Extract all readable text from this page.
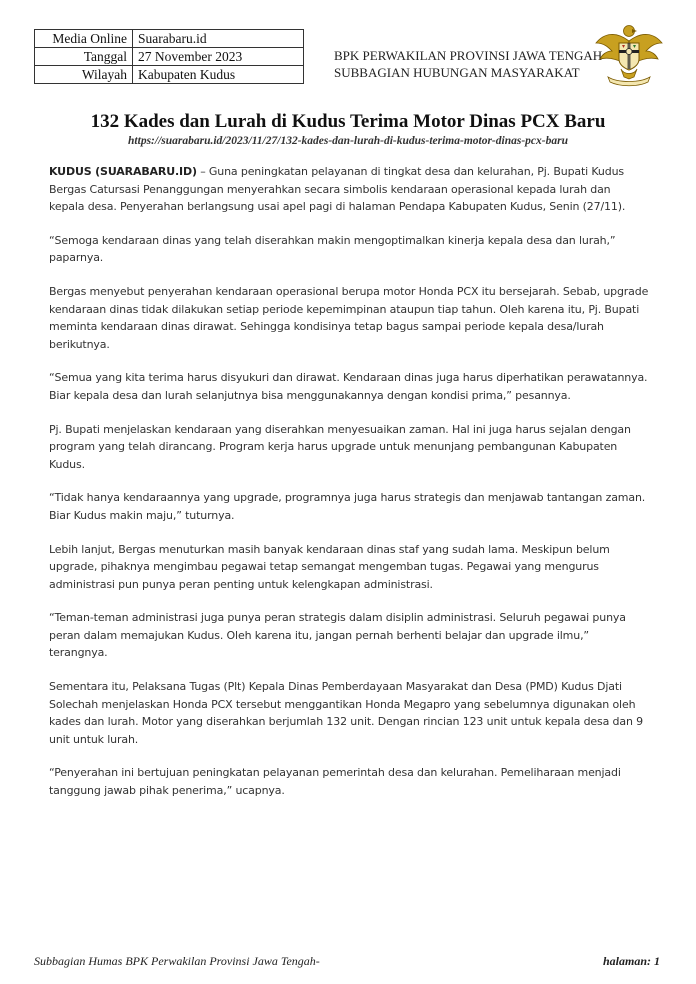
Media Online	Suarabaru.id
Tanggal	27 November 2023
Wilayah	Kabupaten Kudus
BPK PERWAKILAN PROVINSI JAWA TENGAH
SUBBAGIAN HUBUNGAN MASYARAKAT
132 Kades dan Lurah di Kudus Terima Motor Dinas PCX Baru
https://suarabaru.id/2023/11/27/132-kades-dan-lurah-di-kudus-terima-motor-dinas-pcx-baru

KUDUS (SUARABARU.ID) – Guna peningkatan pelayanan di tingkat desa dan kelurahan, Pj. Bupati Kudus Bergas Catursasi Penanggungan menyerahkan secara simbolis kendaraan operasional kepada lurah dan kepala desa. Penyerahan berlangsung usai apel pagi di halaman Pendapa Kabupaten Kudus, Senin (27/11).

“Semoga kendaraan dinas yang telah diserahkan makin mengoptimalkan kinerja kepala desa dan lurah,” paparnya.

Bergas menyebut penyerahan kendaraan operasional berupa motor Honda PCX itu bersejarah. Sebab, upgrade kendaraan dinas tidak dilakukan setiap periode kepemimpinan ataupun tiap tahun. Oleh karena itu, Pj. Bupati meminta kendaraan dinas dirawat. Sehingga kondisinya tetap bagus sampai periode kepala desa/lurah berikutnya.

“Semua yang kita terima harus disyukuri dan dirawat. Kendaraan dinas juga harus diperhatikan perawatannya. Biar kepala desa dan lurah selanjutnya bisa menggunakannya dengan kondisi prima,” pesannya.

Pj. Bupati menjelaskan kendaraan yang diserahkan menyesuaikan zaman. Hal ini juga harus sejalan dengan program yang telah dirancang. Program kerja harus upgrade untuk menunjang pembangunan Kabupaten Kudus.

“Tidak hanya kendaraannya yang upgrade, programnya juga harus strategis dan menjawab tantangan zaman. Biar Kudus makin maju,” tuturnya.

Lebih lanjut, Bergas menuturkan masih banyak kendaraan dinas staf yang sudah lama. Meskipun belum upgrade, pihaknya mengimbau pegawai tetap semangat mengemban tugas. Pegawai yang mengurus administrasi pun punya peran penting untuk kelengkapan administrasi.

“Teman-teman administrasi juga punya peran strategis dalam disiplin administrasi. Seluruh pegawai punya peran dalam memajukan Kudus. Oleh karena itu, jangan pernah berhenti belajar dan upgrade ilmu,” terangnya.

Sementara itu, Pelaksana Tugas (Plt) Kepala Dinas Pemberdayaan Masyarakat dan Desa (PMD) Kudus Djati Solechah menjelaskan Honda PCX tersebut menggantikan Honda Megapro yang sebelumnya digunakan oleh kades dan lurah. Motor yang diserahkan berjumlah 132 unit. Dengan rincian 123 unit untuk kepala desa dan 9 unit untuk lurah.

“Penyerahan ini bertujuan peningkatan pelayanan pemerintah desa dan kelurahan. Pemeliharaan menjadi tanggung jawab pihak penerima,” ucapnya.

Subbagian Humas BPK Perwakilan Provinsi Jawa Tengah-	halaman: 1
